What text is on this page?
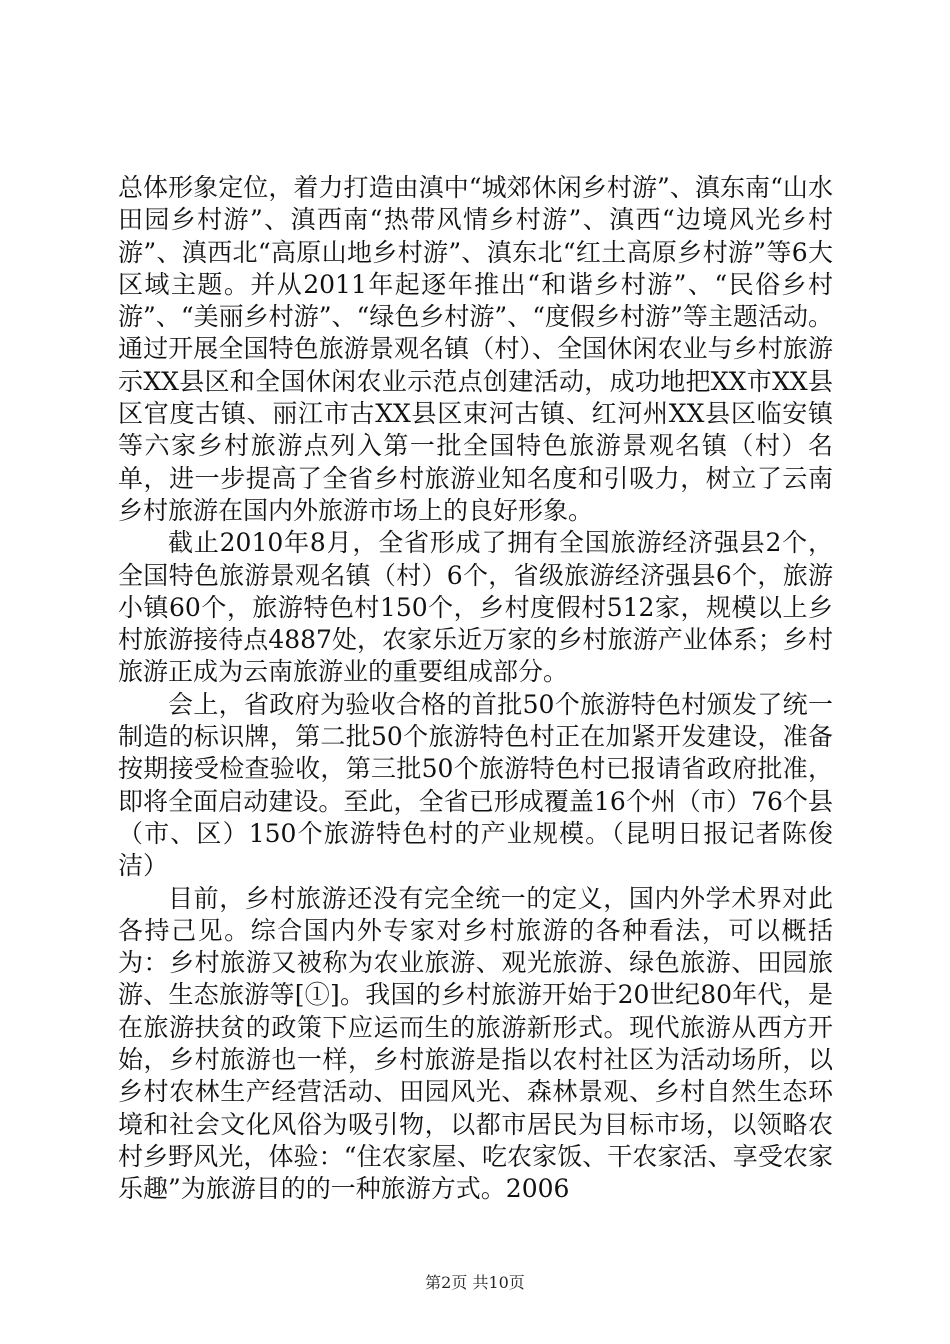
总体形象定位，着力打造由滇中“城郊休闲乡村游”、滇东南“山水田园乡村游”、滇西南“热带风情乡村游”、滇西“边境风光乡村游”、滇西北“高原山地乡村游”、滇东北“红土高原乡村游”等6大区域主题。并从2011年起逐年推出“和谐乡村游”、“民俗乡村游”、“美丽乡村游”、“绿色乡村游”、“度假乡村游”等主题活动。通过开展全国特色旅游景观名镇（村）、全国休闲农业与乡村旅游示XX县区和全国休闲农业示范点创建活动，成功地把XX市XX县区官度古镇、丽江市古XX县区束河古镇、红河州XX县区临安镇等六家乡村旅游点列入第一批全国特色旅游景观名镇（村）名单，进一步提高了全省乡村旅游业知名度和引吸力，树立了云南乡村旅游在国内外旅游市场上的良好形象。

截止2010年8月，全省形成了拥有全国旅游经济强县2个，全国特色旅游景观名镇（村）6个，省级旅游经济强县6个，旅游小镇60个，旅游特色村150个，乡村度假村512家，规模以上乡村旅游接待点4887处，农家乐近万家的乡村旅游产业体系；乡村旅游正成为云南旅游业的重要组成部分。

会上，省政府为验收合格的首批50个旅游特色村颁发了统一制造的标识牌，第二批50个旅游特色村正在加紧开发建设，准备按期接受检查验收，第三批50个旅游特色村已报请省政府批准，即将全面启动建设。至此，全省已形成覆盖16个州（市）76个县（市、区）150个旅游特色村的产业规模。（昆明日报记者陈俊洁）

目前，乡村旅游还没有完全统一的定义，国内外学术界对此各持己见。综合国内外专家对乡村旅游的各种看法，可以概括为：乡村旅游又被称为农业旅游、观光旅游、绿色旅游、田园旅游、生态旅游等[①]。我国的乡村旅游开始于20世纪80年代，是在旅游扶贫的政策下应运而生的旅游新形式。现代旅游从西方开始，乡村旅游也一样，乡村旅游是指以农村社区为活动场所，以乡村农林生产经营活动、田园风光、森林景观、乡村自然生态环境和社会文化风俗为吸引物，以都市居民为目标市场，以领略农村乡野风光，体验：“住农家屋、吃农家饭、干农家活、享受农家乐趣”为旅游目的的一种旅游方式。2006

第2页 共10页
